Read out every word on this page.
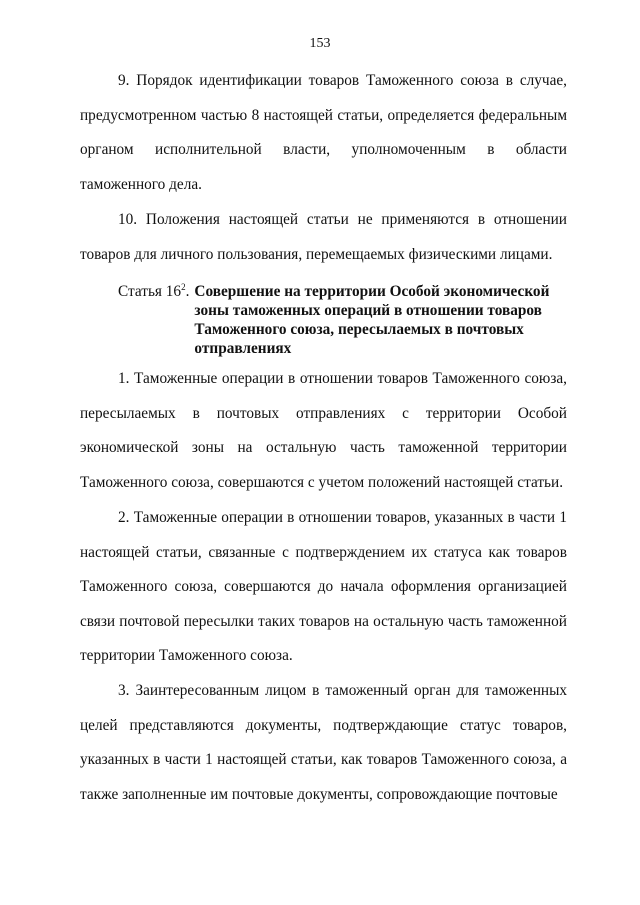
153

9. Порядок идентификации товаров Таможенного союза в случае, предусмотренном частью 8 настоящей статьи, определяется федеральным органом исполнительной власти, уполномоченным в области таможенного дела.

10. Положения настоящей статьи не применяются в отношении товаров для личного пользования, перемещаемых физическими лицами.

Статья $16^2$. Совершение на территории Особой экономической зоны таможенных операций в отношении товаров Таможенного союза, пересылаемых в почтовых отправлениях

1. Таможенные операции в отношении товаров Таможенного союза, пересылаемых в почтовых отправлениях с территории Особой экономической зоны на остальную часть таможенной территории Таможенного союза, совершаются с учетом положений настоящей статьи.

2. Таможенные операции в отношении товаров, указанных в части 1 настоящей статьи, связанные с подтверждением их статуса как товаров Таможенного союза, совершаются до начала оформления организацией связи почтовой пересылки таких товаров на остальную часть таможенной территории Таможенного союза.

3. Заинтересованным лицом в таможенный орган для таможенных целей представляются документы, подтверждающие статус товаров, указанных в части 1 настоящей статьи, как товаров Таможенного союза, а также заполненные им почтовые документы, сопровождающие почтовые
